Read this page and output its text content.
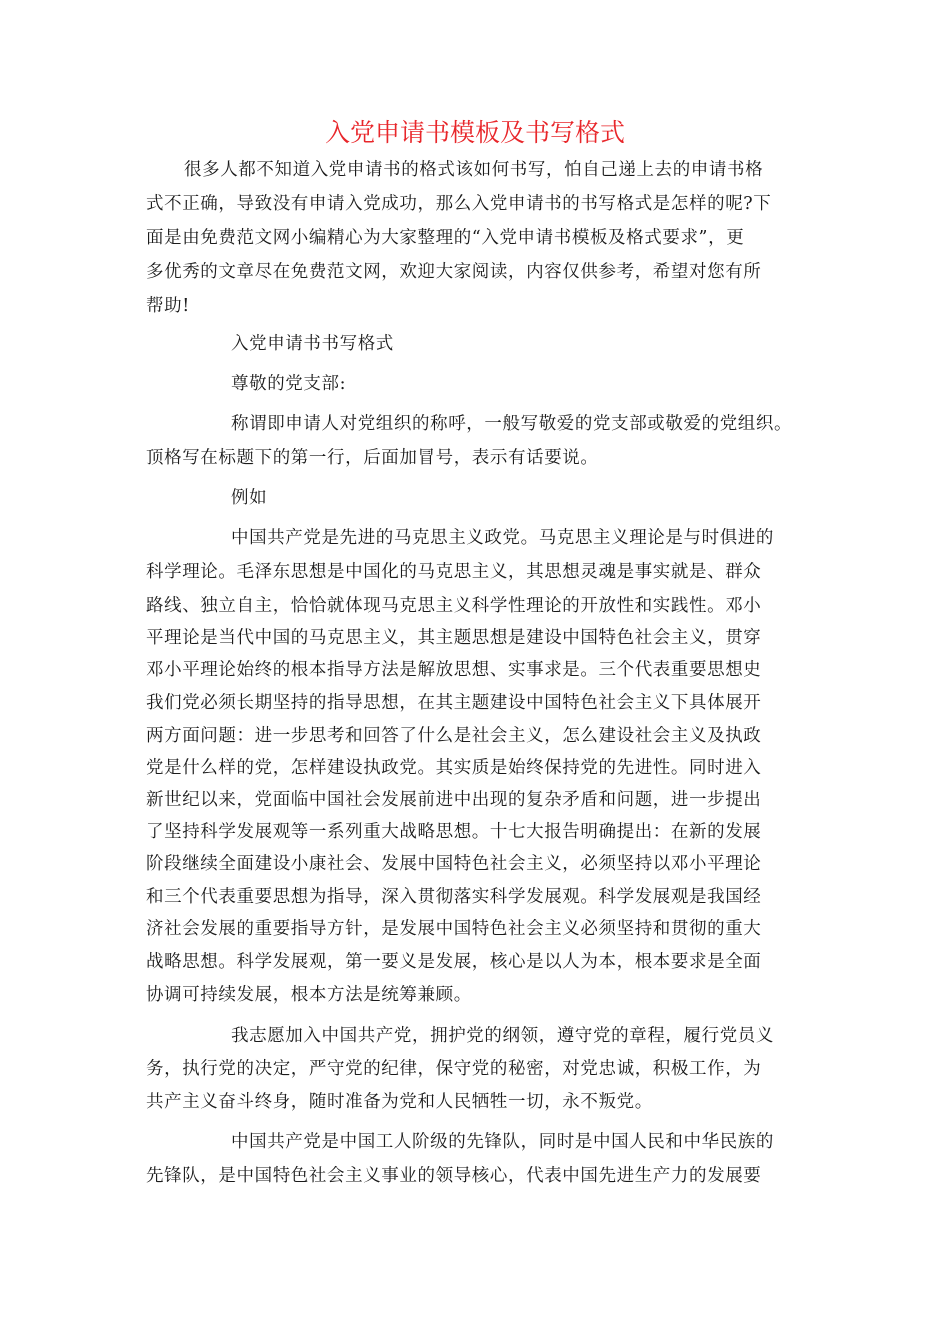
入党申请书模板及书写格式
很多人都不知道入党申请书的格式该如何书写，怕自己递上去的申请书格
式不正确，导致没有申请入党成功，那么入党申请书的书写格式是怎样的呢?下
面是由免费范文网小编精心为大家整理的“入党申请书模板及格式要求”，更
多优秀的文章尽在免费范文网，欢迎大家阅读，内容仅供参考，希望对您有所
帮助!
入党申请书书写格式
尊敬的党支部:
称谓即申请人对党组织的称呼，一般写敬爱的党支部或敬爱的党组织。
顶格写在标题下的第一行，后面加冒号，表示有话要说。
例如
中国共产党是先进的马克思主义政党。马克思主义理论是与时俱进的
科学理论。毛泽东思想是中国化的马克思主义，其思想灵魂是事实就是、群众
路线、独立自主，恰恰就体现马克思主义科学性理论的开放性和实践性。邓小
平理论是当代中国的马克思主义，其主题思想是建设中国特色社会主义，贯穿
邓小平理论始终的根本指导方法是解放思想、实事求是。三个代表重要思想史
我们党必须长期坚持的指导思想，在其主题建设中国特色社会主义下具体展开
两方面问题：进一步思考和回答了什么是社会主义，怎么建设社会主义及执政
党是什么样的党，怎样建设执政党。其实质是始终保持党的先进性。同时进入
新世纪以来，党面临中国社会发展前进中出现的复杂矛盾和问题，进一步提出
了坚持科学发展观等一系列重大战略思想。十七大报告明确提出：在新的发展
阶段继续全面建设小康社会、发展中国特色社会主义，必须坚持以邓小平理论
和三个代表重要思想为指导，深入贯彻落实科学发展观。科学发展观是我国经
济社会发展的重要指导方针，是发展中国特色社会主义必须坚持和贯彻的重大
战略思想。科学发展观，第一要义是发展，核心是以人为本，根本要求是全面
协调可持续发展，根本方法是统筹兼顾。
我志愿加入中国共产党，拥护党的纲领，遵守党的章程，履行党员义
务，执行党的决定，严守党的纪律，保守党的秘密，对党忠诚，积极工作，为
共产主义奋斗终身，随时准备为党和人民牺牲一切，永不叛党。
中国共产党是中国工人阶级的先锋队，同时是中国人民和中华民族的
先锋队，是中国特色社会主义事业的领导核心，代表中国先进生产力的发展要
